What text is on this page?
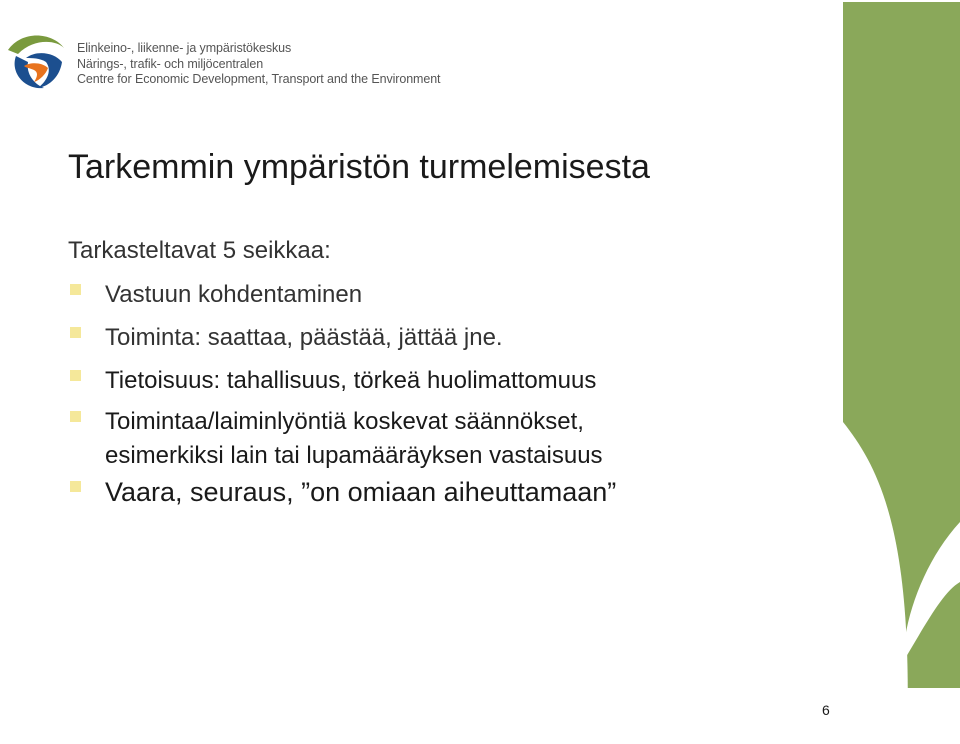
Elinkeino-, liikenne- ja ympäristökeskus
Närings-, trafik- och miljöcentralen
Centre for Economic Development, Transport and the Environment
Tarkemmin ympäristön turmelemisesta
Tarkasteltavat 5 seikkaa:
Vastuun kohdentaminen
Toiminta: saattaa, päästää, jättää jne.
Tietoisuus: tahallisuus, törkeä huolimattomuus
Toimintaa/laiminlyöntiä koskevat säännökset,
esimerkiksi lain tai lupamääräyksen vastaisuus
Vaara, seuraus, ”on omiaan aiheuttamaan”
6
